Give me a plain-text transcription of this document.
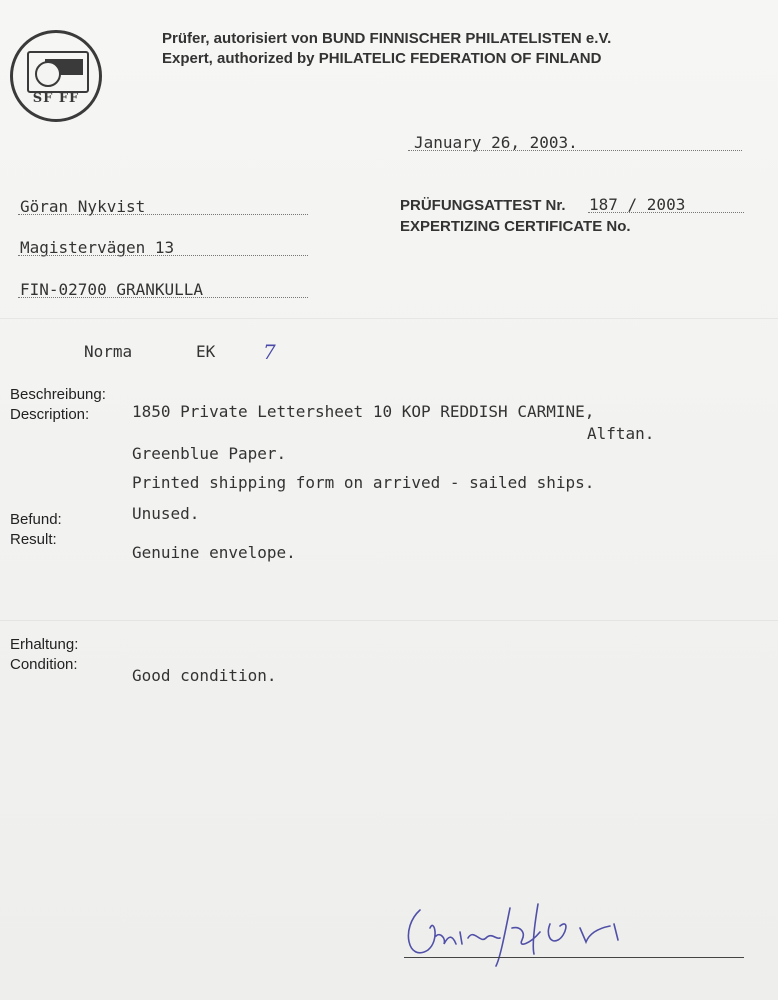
SF FF
Prüfer, autorisiert von BUND FINNISCHER PHILATELISTEN e.V.
Expert, authorized by PHILATELIC FEDERATION OF FINLAND
January 26, 2003.
Göran Nykvist
Magistervägen 13
FIN-02700 GRANKULLA
PRÜFUNGSATTEST Nr. 187 / 2003
EXPERTIZING CERTIFICATE No.
Norma	EK 7
Beschreibung:
Description:	1850 Private Lettersheet 10 KOP REDDISH CARMINE,
Alftan.
Greenblue Paper.
Printed shipping form on arrived - sailed ships.
Befund:
Result:
Unused.
Genuine envelope.
Erhaltung:
Condition:
Good condition.
